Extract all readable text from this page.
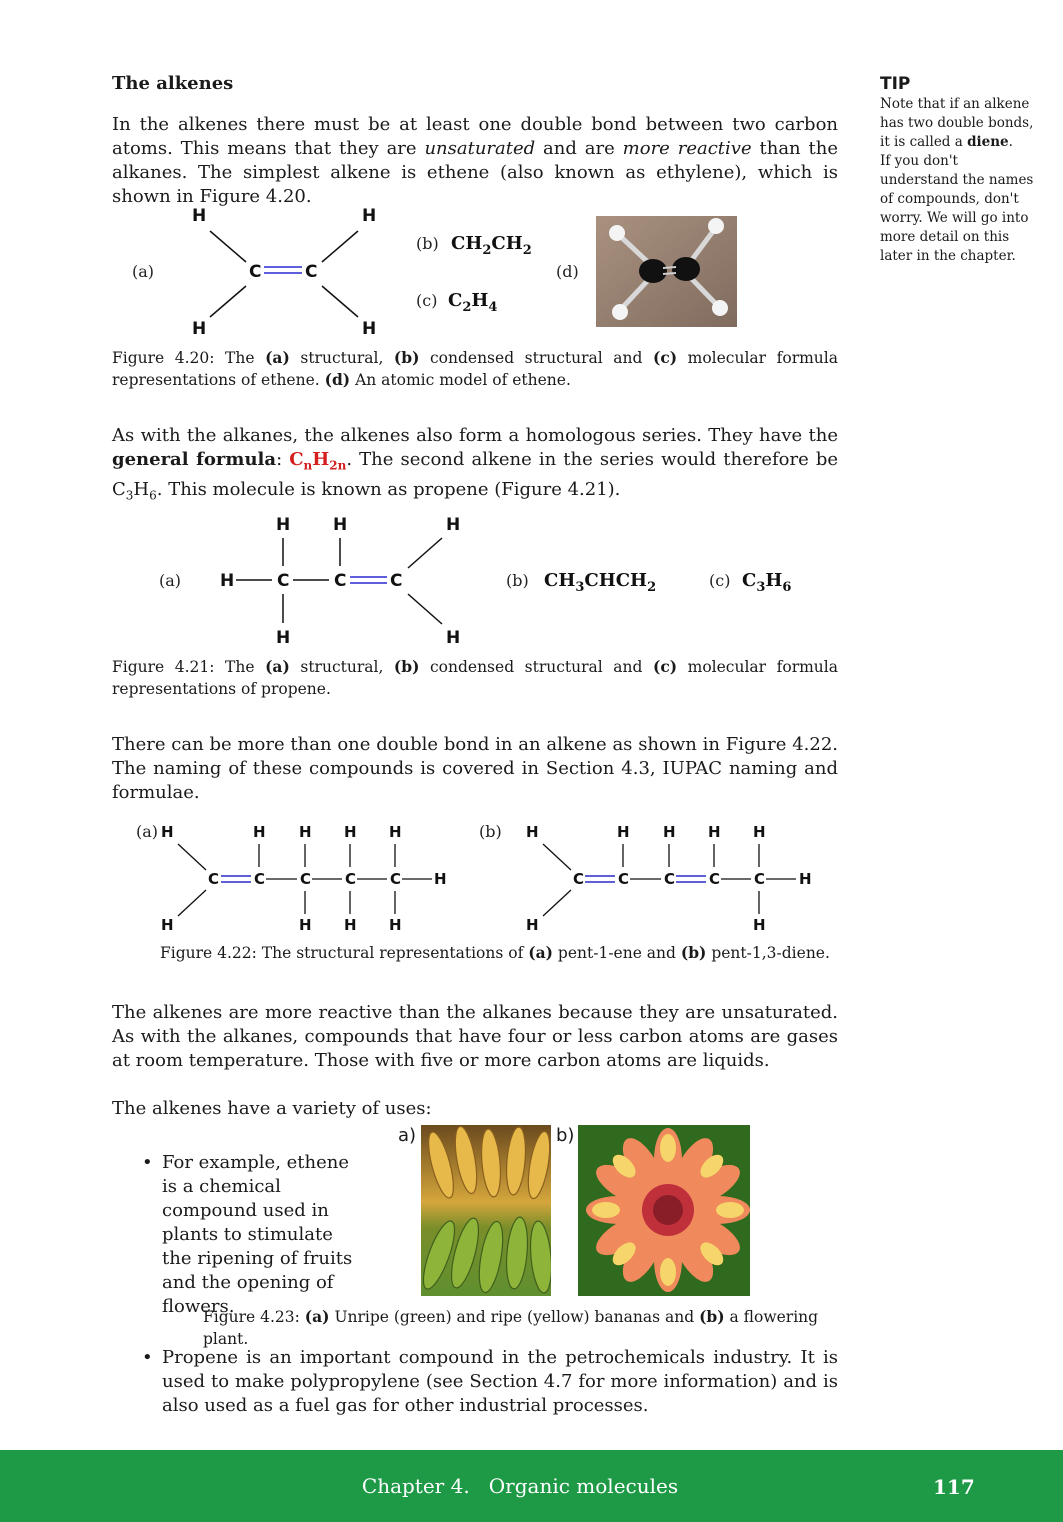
The alkenes
In the alkenes there must be at least one double bond between two carbon atoms. This means that they are unsaturated and are more reactive than the alkanes. The simplest alkene is ethene (also known as ethylene), which is shown in Figure 4.20.
TIP
Note that if an alkene has two double bonds, it is called a diene.
If you don't understand the names of compounds, don't worry. We will go into more detail on this later in the chapter.
(a)
H	H
H	H
C	C
(b) $CH_2CH_2$
(c) $C_2H_4$
(d)
Figure 4.20: The (a) structural, (b) condensed structural and (c) molecular formula representations of ethene. (d) An atomic model of ethene.
As with the alkanes, the alkenes also form a homologous series. They have the general formula: $C_nH_{2n}$. The second alkene in the series would therefore be $C_3H_6$. This molecule is known as propene (Figure 4.21).
(a) H	C	C	C
H	H	H
H	H
(b) $CH_3CHCH_2$	(c) $C_3H_6$
Figure 4.21: The (a) structural, (b) condensed structural and (c) molecular formula representations of propene.
There can be more than one double bond in an alkene as shown in Figure 4.22. The naming of these compounds is covered in Section 4.3, IUPAC naming and formulae.
(a) H
H
C C C C C H
H H H H
H H H
(b) H
H
C C C C C H
H H H H
H
Figure 4.22: The structural representations of (a) pent-1-ene and (b) pent-1,3-diene.
The alkenes are more reactive than the alkanes because they are unsaturated. As with the alkanes, compounds that have four or less carbon atoms are gases at room temperature. Those with five or more carbon atoms are liquids.
The alkenes have a variety of uses:
• For example, ethene is a chemical compound used in plants to stimulate the ripening of fruits and the opening of flowers.
a)	b)
Figure 4.23: (a) Unripe (green) and ripe (yellow) bananas and (b) a flowering plant.
• Propene is an important compound in the petrochemicals industry. It is used to make polypropylene (see Section 4.7 for more information) and is also used as a fuel gas for other industrial processes.
Chapter 4. Organic molecules	117
